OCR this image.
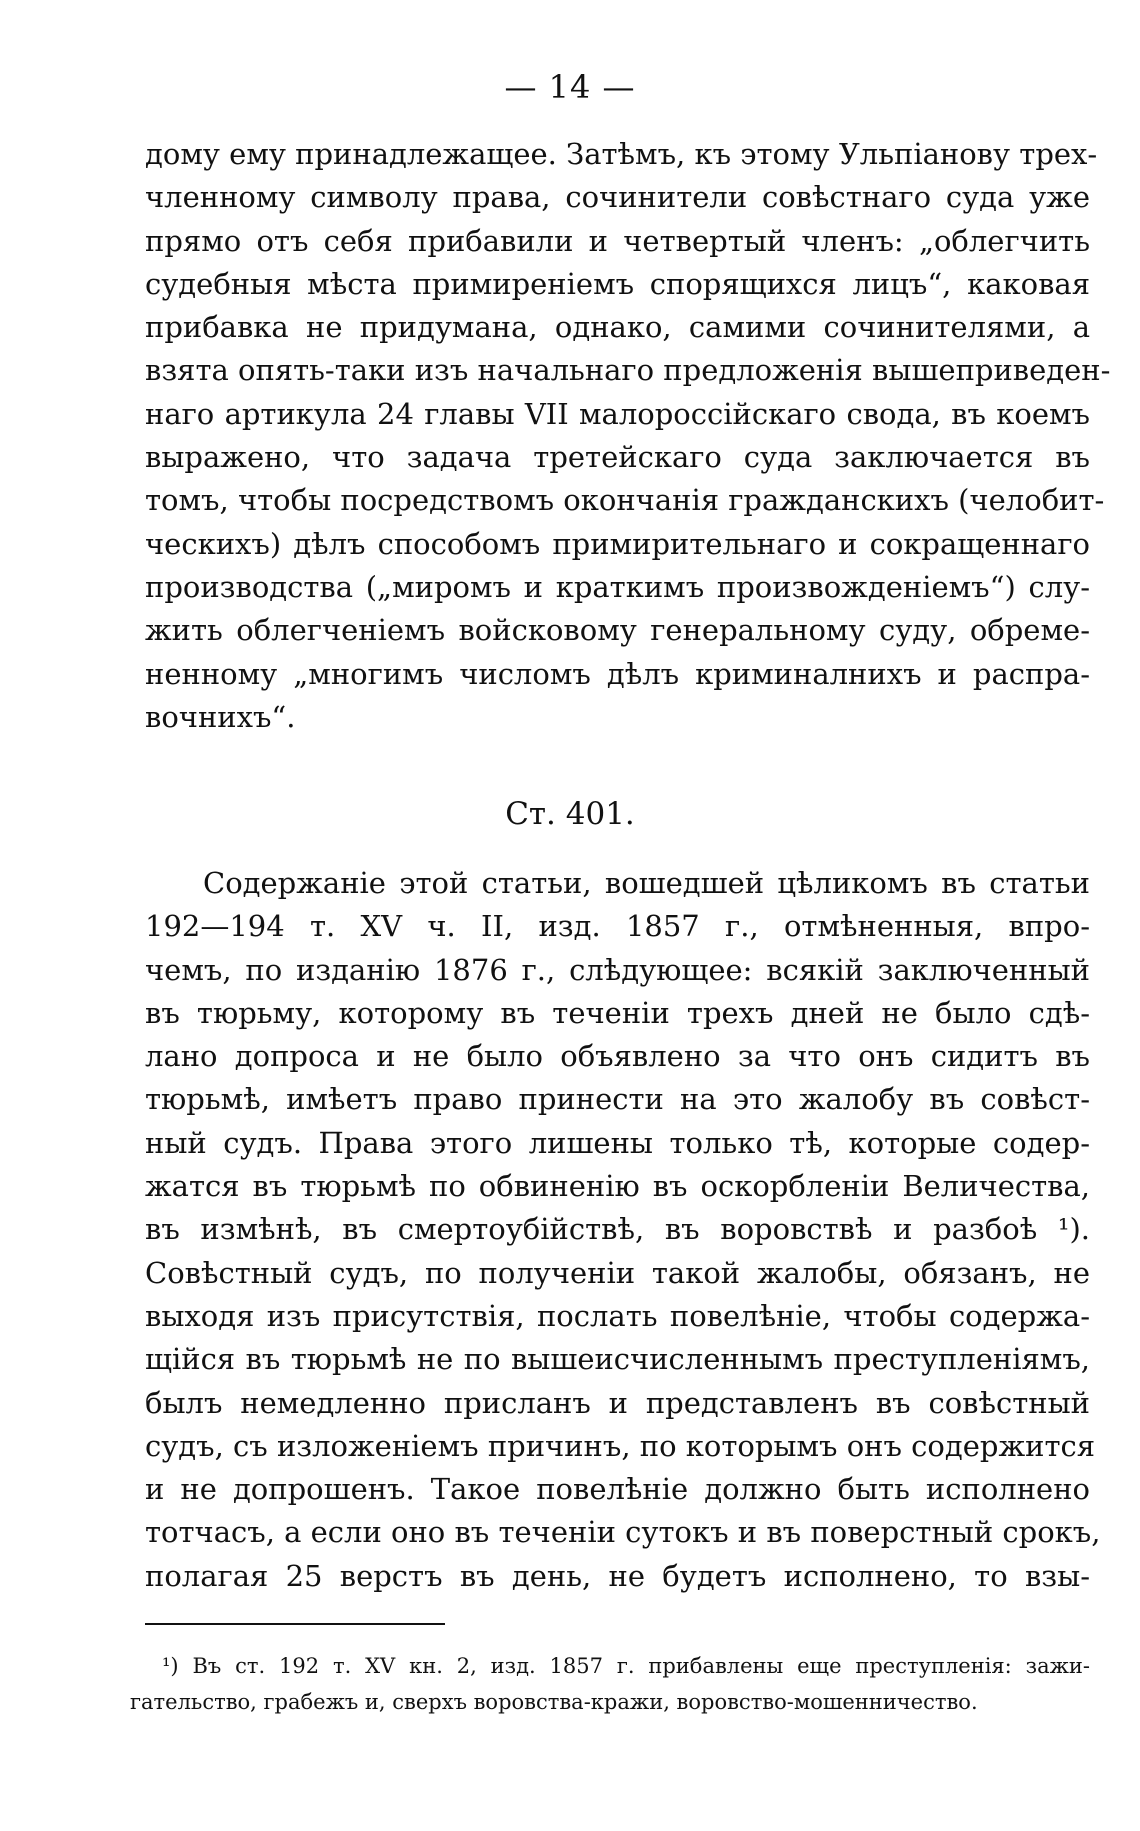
— 14 —
дому ему принадлежащее. Затѣмъ, къ этому Ульпіанову трех-
членному символу права, сочинители совѣстнаго суда уже
прямо отъ себя прибавили и четвертый членъ: „облегчить
судебныя мѣста примиреніемъ спорящихся лицъ“, каковая
прибавка не придумана, однако, самими сочинителями, а
взята опять-таки изъ начальнаго предложенія вышеприведен-
наго артикула 24 главы VII малороссійскаго свода, въ коемъ
выражено, что задача третейскаго суда заключается въ
томъ, чтобы посредствомъ окончанія гражданскихъ (челобит-
ческихъ) дѣлъ способомъ примирительнаго и сокращеннаго
производства („миромъ и краткимъ произвожденіемъ“) слу-
жить облегченіемъ войсковому генеральному суду, обреме-
ненному „многимъ числомъ дѣлъ криминалнихъ и распра-
вочнихъ“.
Ст. 401.
Содержаніе этой статьи, вошедшей цѣликомъ въ статьи
192—194 т. XV ч. II, изд. 1857 г., отмѣненныя, впро-
чемъ, по изданію 1876 г., слѣдующее: всякій заключенный
въ тюрьму, которому въ теченіи трехъ дней не было сдѣ-
лано допроса и не было объявлено за что онъ сидитъ въ
тюрьмѣ, имѣетъ право принести на это жалобу въ совѣст-
ный судъ. Права этого лишены только тѣ, которые содер-
жатся въ тюрьмѣ по обвиненію въ оскорбленіи Величества,
въ измѣнѣ, въ смертоубійствѣ, въ воровствѣ и разбоѣ ¹).
Совѣстный судъ, по полученіи такой жалобы, обязанъ, не
выходя изъ присутствія, послать повелѣніе, чтобы содержа-
щійся въ тюрьмѣ не по вышеисчисленнымъ преступленіямъ,
былъ немедленно присланъ и представленъ въ совѣстный
судъ, съ изложеніемъ причинъ, по которымъ онъ содержится
и не допрошенъ. Такое повелѣніе должно быть исполнено
тотчасъ, а если оно въ теченіи сутокъ и въ поверстный срокъ,
полагая 25 верстъ въ день, не будетъ исполнено, то взы-
¹) Въ ст. 192 т. XV кн. 2, изд. 1857 г. прибавлены еще преступленія: зажи-
гательство, грабежъ и, сверхъ воровства-кражи, воровство-мошенничество.
